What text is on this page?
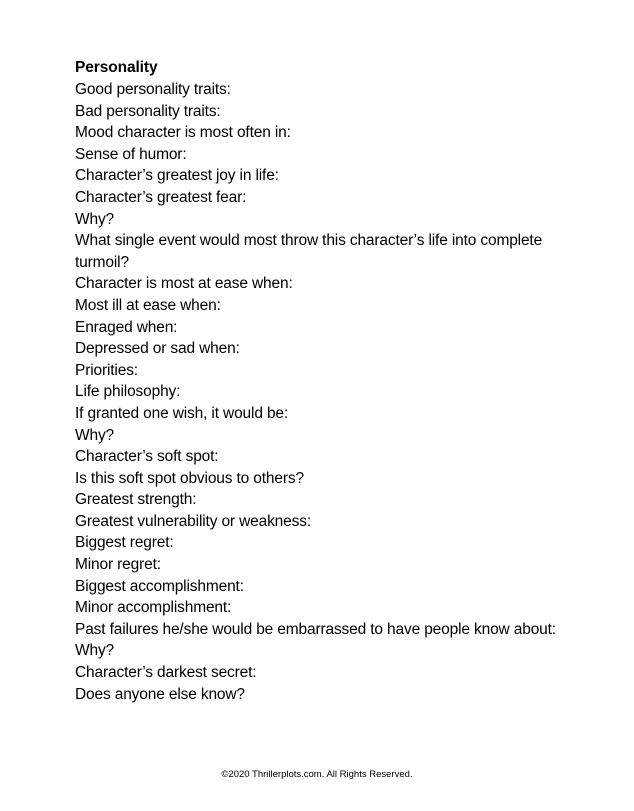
Personality
Good personality traits:
Bad personality traits:
Mood character is most often in:
Sense of humor:
Character’s greatest joy in life:
Character’s greatest fear:
Why?
What single event would most throw this character’s life into complete turmoil?
Character is most at ease when:
Most ill at ease when:
Enraged when:
Depressed or sad when:
Priorities:
Life philosophy:
If granted one wish, it would be:
Why?
Character’s soft spot:
Is this soft spot obvious to others?
Greatest strength:
Greatest vulnerability or weakness:
Biggest regret:
Minor regret:
Biggest accomplishment:
Minor accomplishment:
Past failures he/she would be embarrassed to have people know about:
Why?
Character’s darkest secret:
Does anyone else know?
©2020 Thrillerplots.com. All Rights Reserved.
